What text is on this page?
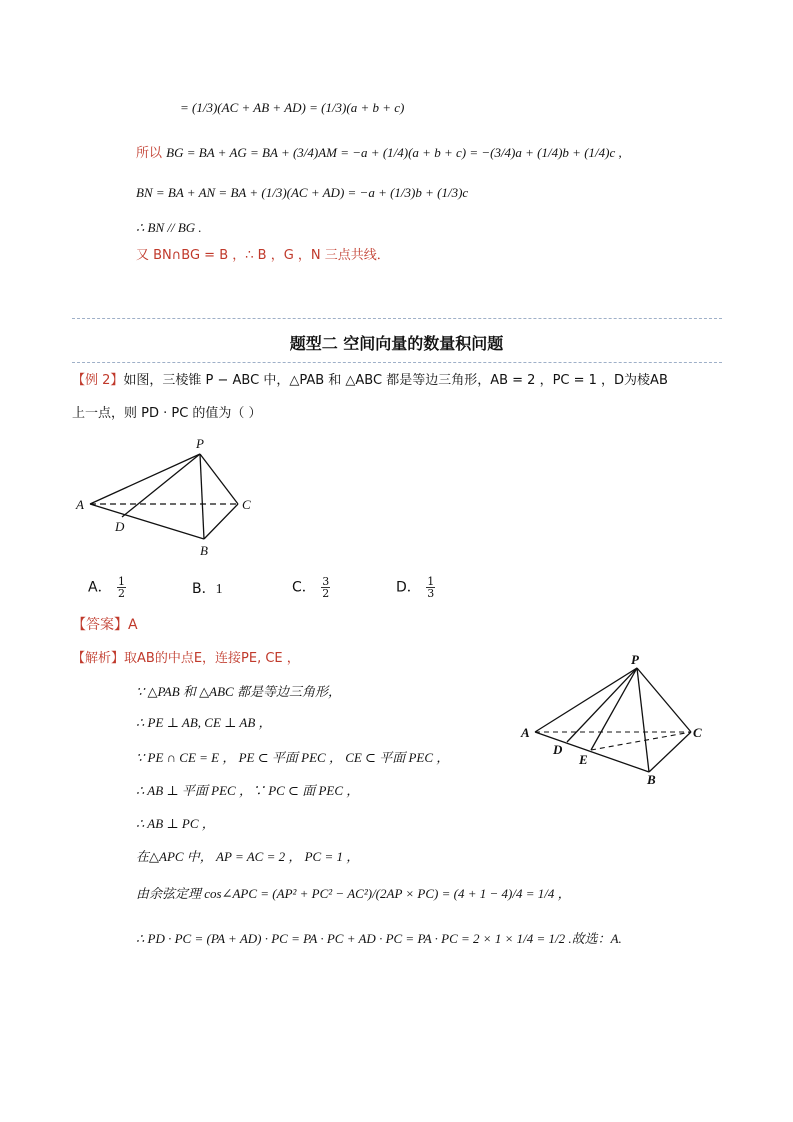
= (1/3)(AC + AB + AD) = (1/3)(a + b + c)
所以 BG = BA + AG = BA + (3/4)AM = −a + (1/4)(a + b + c) = −(3/4)a + (1/4)b + (1/4)c ,
BN = BA + AN = BA + (1/3)(AC + AD) = −a + (1/3)b + (1/3)c
∴ BN // BG .
又 BN∩BG = B ，∴ B ，G ，N 三点共线．
题型二 空间向量的数量积问题
【例 2】如图，三棱锥 P − ABC 中，△PAB 和 △ABC 都是等边三角形，AB = 2 ，PC = 1 ，D为棱AB
上一点，则 PD · PC 的值为（ ）
P
A	C
D
B
A． $\frac{1}{2}$	B．1	C． $\frac{3}{2}$	D． $\frac{1}{3}$
【答案】A
【解析】取AB的中点E，连接PE, CE ，
∵ △PAB 和 △ABC 都是等边三角形，
∴ PE ⊥ AB, CE ⊥ AB ，
∵ PE ∩ CE = E ， PE ⊂ 平面 PEC ， CE ⊂ 平面 PEC ，
∴ AB ⊥ 平面 PEC ，∵ PC ⊂ 面 PEC ，
∴ AB ⊥ PC ，
在△APC 中， AP = AC = 2 ， PC = 1 ，
由余弦定理 cos∠APC = (AP² + PC² − AC²)/(2AP × PC) = (4 + 1 − 4)/4 = 1/4 ，
∴ PD · PC = (PA + AD) · PC = PA · PC + AD · PC = PA · PC = 2 × 1 × 1/4 = 1/2 .故选：A.
P
A	C
D
E
B
